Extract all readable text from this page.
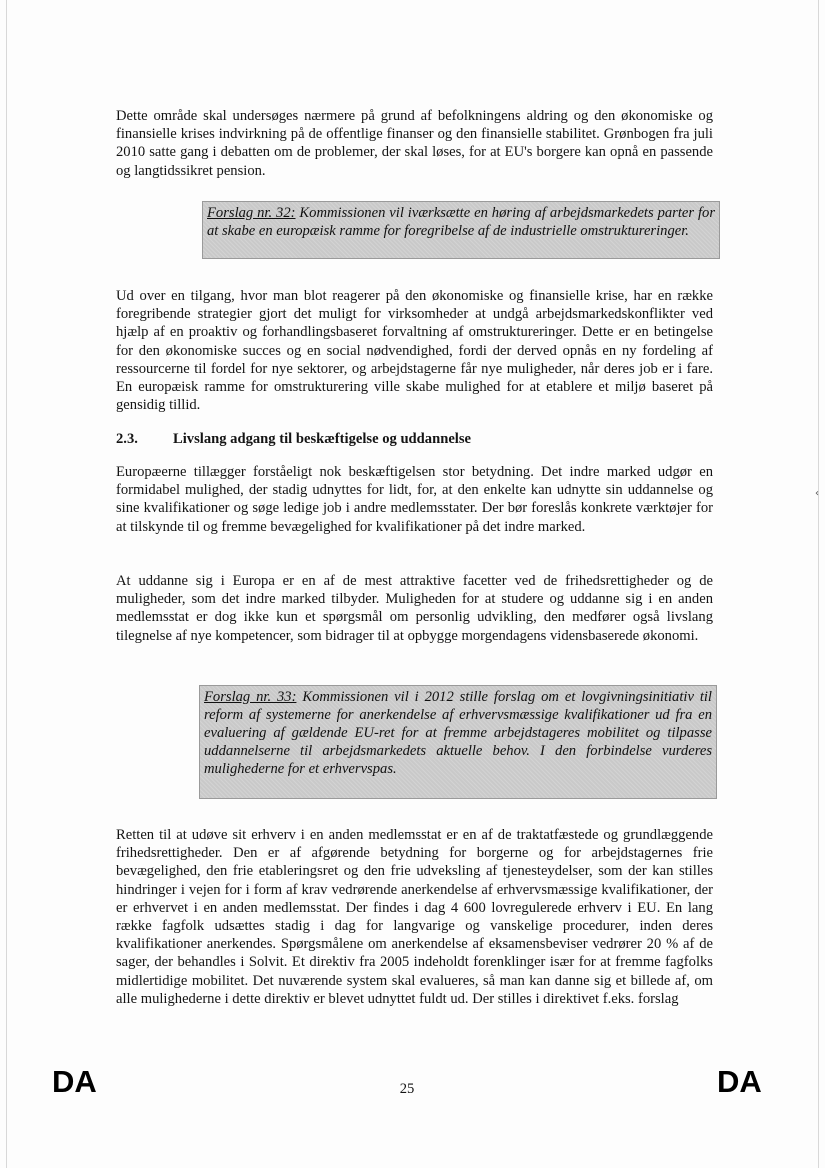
Dette område skal undersøges nærmere på grund af befolkningens aldring og den økonomiske og finansielle krises indvirkning på de offentlige finanser og den finansielle stabilitet. Grønbogen fra juli 2010 satte gang i debatten om de problemer, der skal løses, for at EU's borgere kan opnå en passende og langtidssikret pension.

Forslag nr. 32: Kommissionen vil iværksætte en høring af arbejdsmarkedets parter for at skabe en europæisk ramme for foregribelse af de industrielle omstruktureringer.

Ud over en tilgang, hvor man blot reagerer på den økonomiske og finansielle krise, har en række foregribende strategier gjort det muligt for virksomheder at undgå arbejdsmarkedskonflikter ved hjælp af en proaktiv og forhandlingsbaseret forvaltning af omstruktureringer. Dette er en betingelse for den økonomiske succes og en social nødvendighed, fordi der derved opnås en ny fordeling af ressourcerne til fordel for nye sektorer, og arbejdstagerne får nye muligheder, når deres job er i fare. En europæisk ramme for omstrukturering ville skabe mulighed for at etablere et miljø baseret på gensidig tillid.

2.3. Livslang adgang til beskæftigelse og uddannelse

Europæerne tillægger forståeligt nok beskæftigelsen stor betydning. Det indre marked udgør en formidabel mulighed, der stadig udnyttes for lidt, for, at den enkelte kan udnytte sin uddannelse og sine kvalifikationer og søge ledige job i andre medlemsstater. Der bør foreslås konkrete værktøjer for at tilskynde til og fremme bevægelighed for kvalifikationer på det indre marked.

At uddanne sig i Europa er en af de mest attraktive facetter ved de frihedsrettigheder og de muligheder, som det indre marked tilbyder. Muligheden for at studere og uddanne sig i en anden medlemsstat er dog ikke kun et spørgsmål om personlig udvikling, den medfører også livslang tilegnelse af nye kompetencer, som bidrager til at opbygge morgendagens vidensbaserede økonomi.

Forslag nr. 33: Kommissionen vil i 2012 stille forslag om et lovgivningsinitiativ til reform af systemerne for anerkendelse af erhvervsmæssige kvalifikationer ud fra en evaluering af gældende EU-ret for at fremme arbejdstageres mobilitet og tilpasse uddannelserne til arbejdsmarkedets aktuelle behov. I den forbindelse vurderes mulighederne for et erhvervspas.

Retten til at udøve sit erhverv i en anden medlemsstat er en af de traktatfæstede og grundlæggende frihedsrettigheder. Den er af afgørende betydning for borgerne og for arbejdstagernes frie bevægelighed, den frie etableringsret og den frie udveksling af tjenesteydelser, som der kan stilles hindringer i vejen for i form af krav vedrørende anerkendelse af erhvervsmæssige kvalifikationer, der er erhvervet i en anden medlemsstat. Der findes i dag 4 600 lovregulerede erhverv i EU. En lang række fagfolk udsættes stadig i dag for langvarige og vanskelige procedurer, inden deres kvalifikationer anerkendes. Spørgsmålene om anerkendelse af eksamensbeviser vedrører 20 % af de sager, der behandles i Solvit. Et direktiv fra 2005 indeholdt forenklinger især for at fremme fagfolks midlertidige mobilitet. Det nuværende system skal evalueres, så man kan danne sig et billede af, om alle mulighederne i dette direktiv er blevet udnyttet fuldt ud. Der stilles i direktivet f.eks. forslag

‹
DA	25	DA
